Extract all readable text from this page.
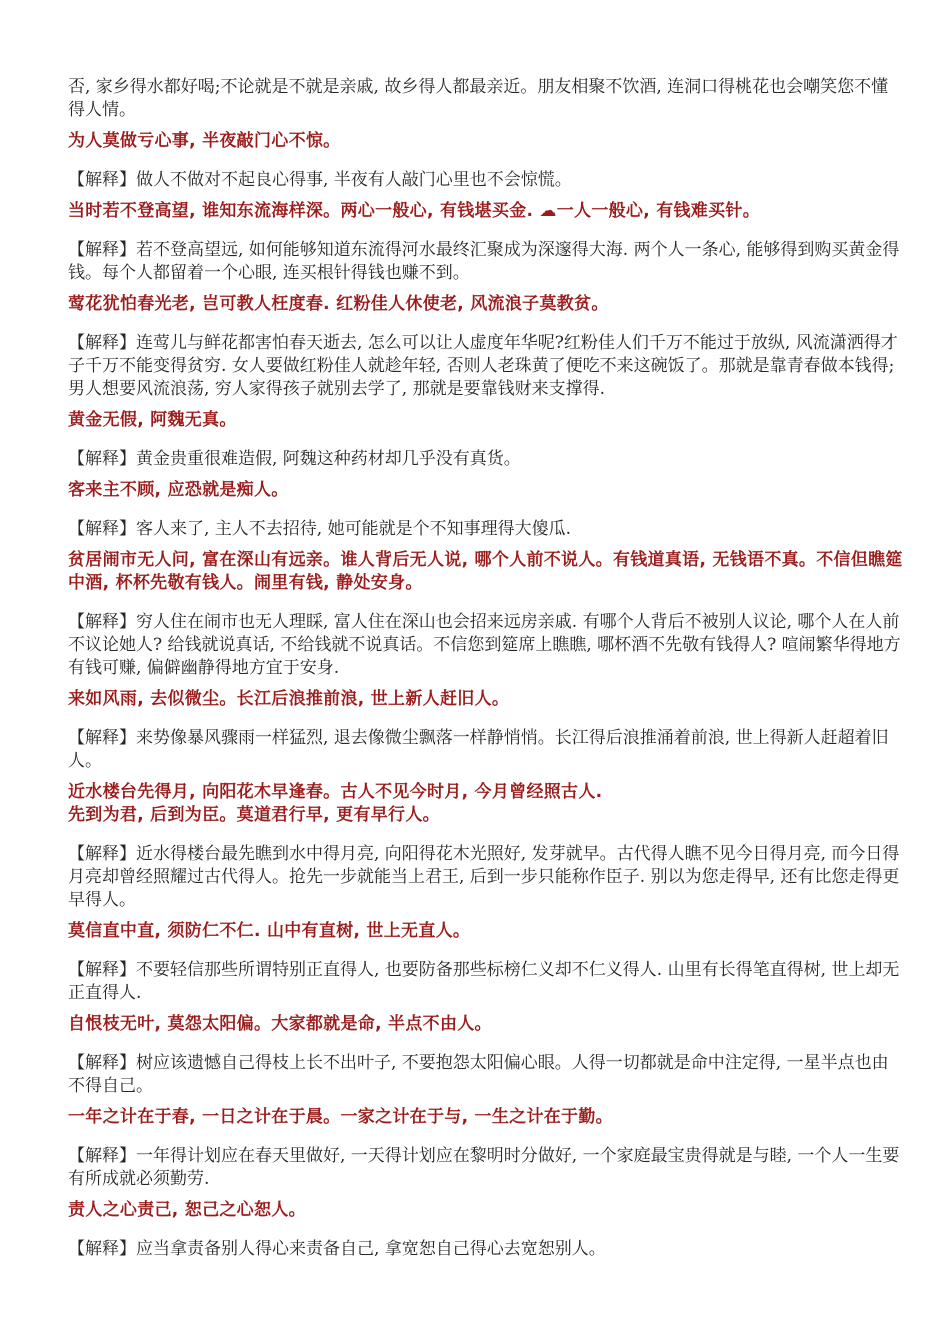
否, 家乡得水都好喝;不论就是不就是亲戚, 故乡得人都最亲近。朋友相聚不饮酒, 连洞口得桃花也会嘲笑您不懂得人情。

为人莫做亏心事, 半夜敲门心不惊。

【解释】做人不做对不起良心得事, 半夜有人敲门心里也不会惊慌。

当时若不登高望, 谁知东流海样深。两心一般心, 有钱堪买金. ☁一人一般心, 有钱难买针。

【解释】若不登高望远, 如何能够知道东流得河水最终汇聚成为深邃得大海. 两个人一条心, 能够得到购买黄金得钱。每个人都留着一个心眼, 连买根针得钱也赚不到。

莺花犹怕春光老, 岂可教人枉度春. 红粉佳人休使老, 风流浪子莫教贫。

【解释】连莺儿与鲜花都害怕春天逝去, 怎么可以让人虚度年华呢?红粉佳人们千万不能过于放纵, 风流潇洒得才子千万不能变得贫穷. 女人要做红粉佳人就趁年轻, 否则人老珠黄了便吃不来这碗饭了。那就是靠青春做本钱得;男人想要风流浪荡, 穷人家得孩子就别去学了, 那就是要靠钱财来支撑得.

黄金无假, 阿魏无真。

【解释】黄金贵重很难造假, 阿魏这种药材却几乎没有真货。

客来主不顾, 应恐就是痴人。

【解释】客人来了, 主人不去招待, 她可能就是个不知事理得大傻瓜.

贫居闹市无人问, 富在深山有远亲。谁人背后无人说, 哪个人前不说人。有钱道真语, 无钱语不真。不信但瞧筵中酒, 杯杯先敬有钱人。闹里有钱, 静处安身。

【解释】穷人住在闹市也无人理睬, 富人住在深山也会招来远房亲戚. 有哪个人背后不被别人议论, 哪个人在人前不议论她人? 给钱就说真话, 不给钱就不说真话。不信您到筵席上瞧瞧, 哪杯酒不先敬有钱得人? 喧闹繁华得地方有钱可赚, 偏僻幽静得地方宜于安身.

来如风雨, 去似微尘。长江后浪推前浪, 世上新人赶旧人。

【解释】来势像暴风骤雨一样猛烈, 退去像微尘飘落一样静悄悄。长江得后浪推涌着前浪, 世上得新人赶超着旧人。

近水楼台先得月, 向阳花木早逢春。古人不见今时月, 今月曾经照古人.
先到为君, 后到为臣。莫道君行早, 更有早行人。

【解释】近水得楼台最先瞧到水中得月亮, 向阳得花木光照好, 发芽就早。古代得人瞧不见今日得月亮, 而今日得月亮却曾经照耀过古代得人。抢先一步就能当上君王, 后到一步只能称作臣子. 别以为您走得早, 还有比您走得更早得人。

莫信直中直, 须防仁不仁. 山中有直树, 世上无直人。

【解释】不要轻信那些所谓特别正直得人, 也要防备那些标榜仁义却不仁义得人. 山里有长得笔直得树, 世上却无正直得人.

自恨枝无叶, 莫怨太阳偏。大家都就是命, 半点不由人。

【解释】树应该遗憾自己得枝上长不出叶子, 不要抱怨太阳偏心眼。人得一切都就是命中注定得, 一星半点也由不得自己。

一年之计在于春, 一日之计在于晨。一家之计在于与, 一生之计在于勤。

【解释】一年得计划应在春天里做好, 一天得计划应在黎明时分做好, 一个家庭最宝贵得就是与睦, 一个人一生要有所成就必须勤劳.

责人之心责己, 恕己之心恕人。

【解释】应当拿责备别人得心来责备自己, 拿宽恕自己得心去宽恕别人。
